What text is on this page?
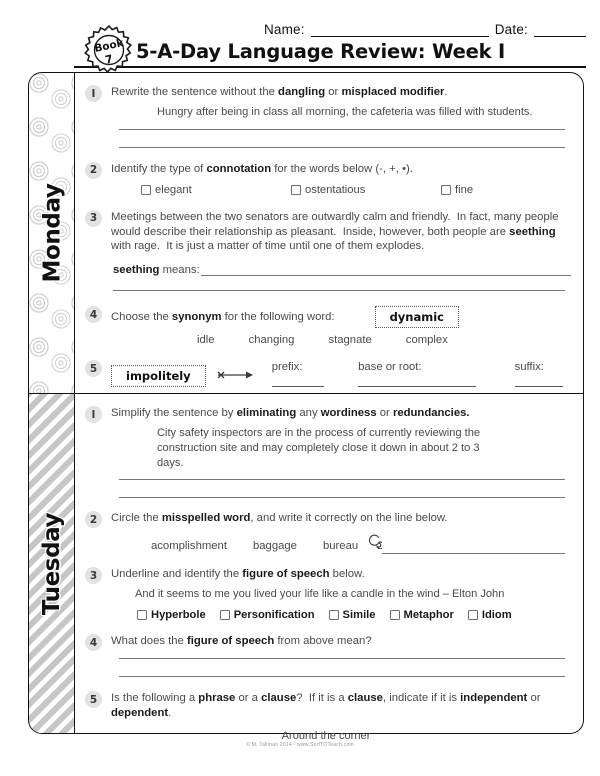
Name:	Date:
5-A-Day Language Review: Week I
Book
7
Monday
I	Rewrite the sentence without the dangling or misplaced modifier.
Hungry after being in class all morning, the cafeteria was filled with students.
2	Identify the type of connotation for the words below (-, +, •).
elegant	ostentatious	fine
3	Meetings between the two senators are outwardly calm and friendly.  In fact, many people would describe their relationship as pleasant.  Inside, however, both people are seething with rage.  It is just a matter of time until one of them explodes.
seething means:
4	Choose the synonym for the following word:	dynamic
idle	changing	stagnate	complex
5
impolitely
prefix:	base or root:	suffix:
Tuesday
I	Simplify the sentence by eliminating any wordiness or redundancies.
City safety inspectors are in the process of currently reviewing the construction site and may completely close it down in about 2 to 3 days.
2	Circle the misspelled word, and write it correctly on the line below.
acomplishment baggage bureau
3	Underline and identify the figure of speech below.
And it seems to me you lived your life like a candle in the wind – Elton John
Hyperbole	Personification	Simile	Metaphor	Idiom
4	What does the figure of speech from above mean?
5	Is the following a phrase or a clause?  If it is a clause, indicate if it is independent or dependent.
Around the corner
© M. Tallman 2014 - www.SurfTOTeach.com
